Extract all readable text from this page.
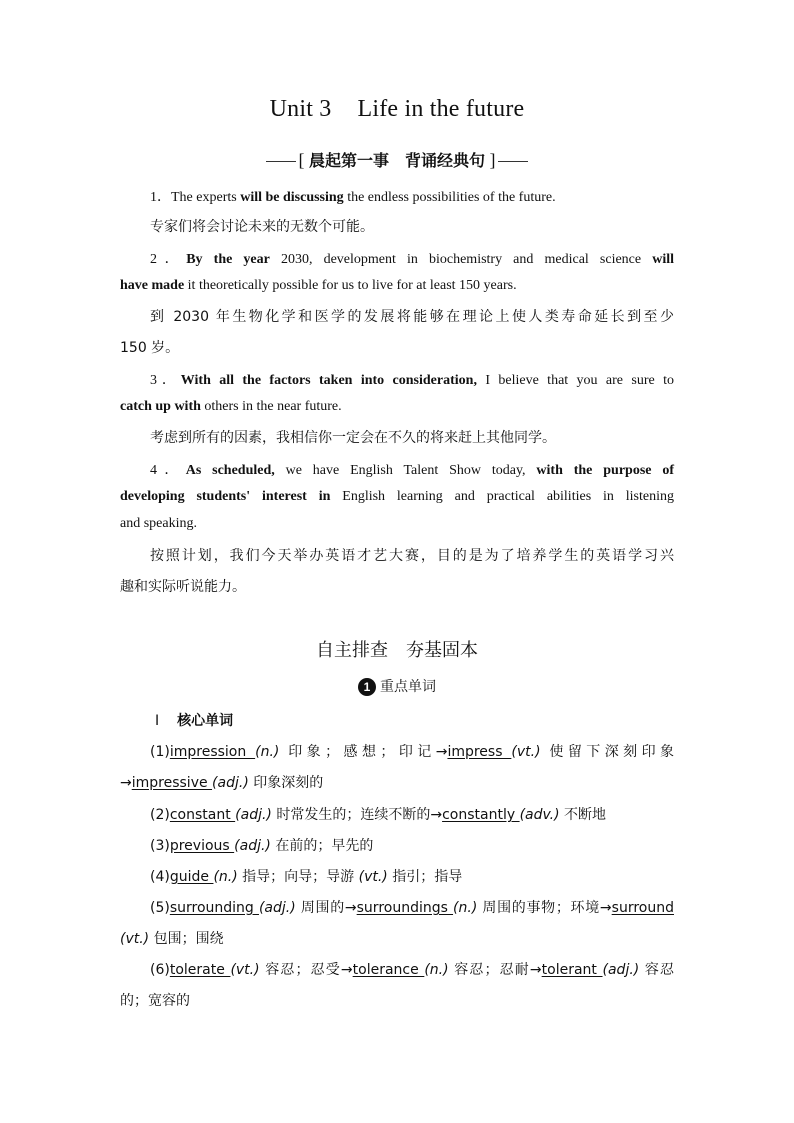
Unit 3 Life in the future
[ 晨起第一事　背诵经典句 ]
1．The experts will be discussing the endless possibilities of the future.
专家们将会讨论未来的无数个可能。
2．By the year 2030, development in biochemistry and medical science will
have made it theoretically possible for us to live for at least 150 years.
到 2030 年生物化学和医学的发展将能够在理论上使人类寿命延长到至少
150 岁。
3．With all the factors taken into consideration, I believe that you are sure to
catch up with others in the near future.
考虑到所有的因素，我相信你一定会在不久的将来赶上其他同学。
4．As scheduled, we have English Talent Show today, with the purpose of
developing students' interest in English learning and practical abilities in listening
and speaking.
按照计划，我们今天举办英语才艺大赛，目的是为了培养学生的英语学习兴
趣和实际听说能力。
自主排查　夯基固本
1 重点单词
Ⅰ 核心单词
(1)impression (n.) 印象；感想；印记→impress (vt.) 使留下深刻印象
→impressive (adj.) 印象深刻的
(2)constant (adj.) 时常发生的；连续不断的→constantly (adv.) 不断地
(3)previous (adj.) 在前的；早先的
(4)guide (n.) 指导；向导；导游 (vt.) 指引；指导
(5)surrounding (adj.) 周围的→surroundings (n.) 周围的事物；环境→surround
(vt.) 包围；围绕
(6)tolerate (vt.) 容忍；忍受→tolerance (n.) 容忍；忍耐→tolerant (adj.) 容忍
的；宽容的
